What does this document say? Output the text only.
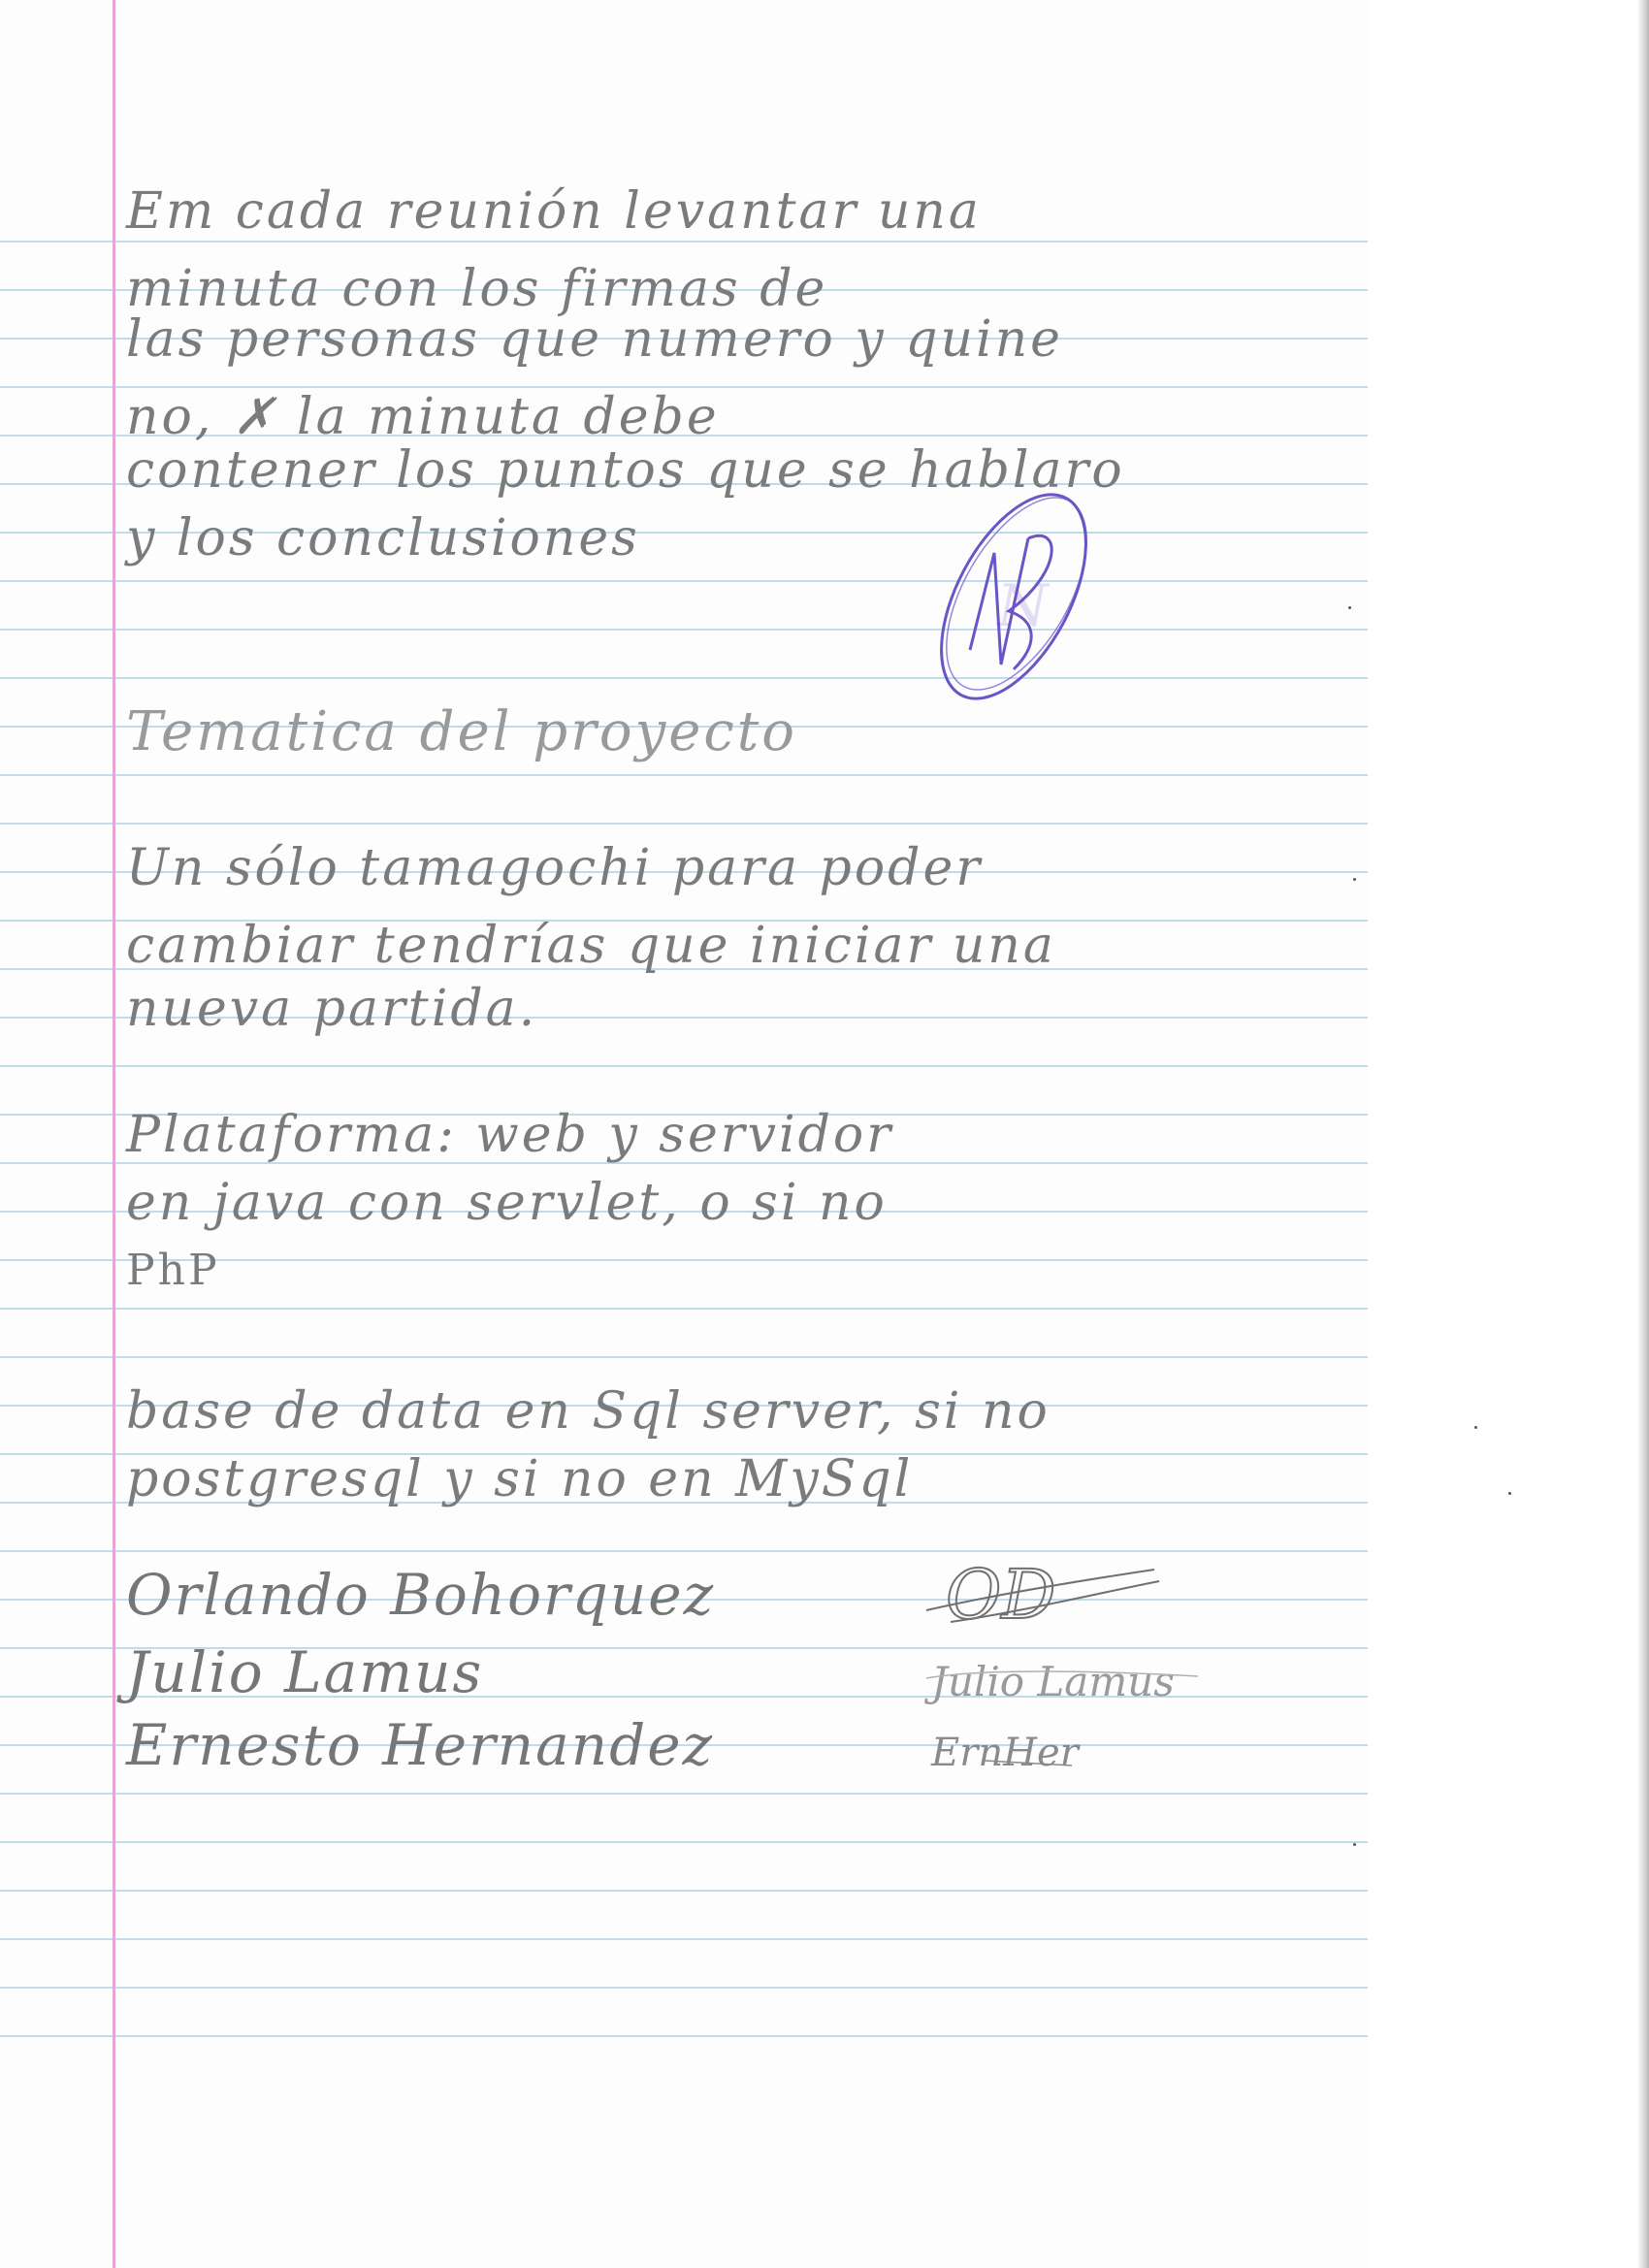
Em cada reunión levantar una

minuta con los firmas de

las personas que numero y quine

no, ✗ la minuta debe

contener los puntos que se hablaro

y los conclusiones

N

Tematica del proyecto

Un sólo tamagochi para poder

cambiar tendrías que iniciar una

nueva partida.

Plataforma: web y servidor

en java con servlet, o si no

PhP

base de data en Sql server, si no

postgresql y si no en MySql

Orlando Bohorquez

Julio Lamus

Ernesto Hernandez

OD
Julio Lamus
ErnHer
